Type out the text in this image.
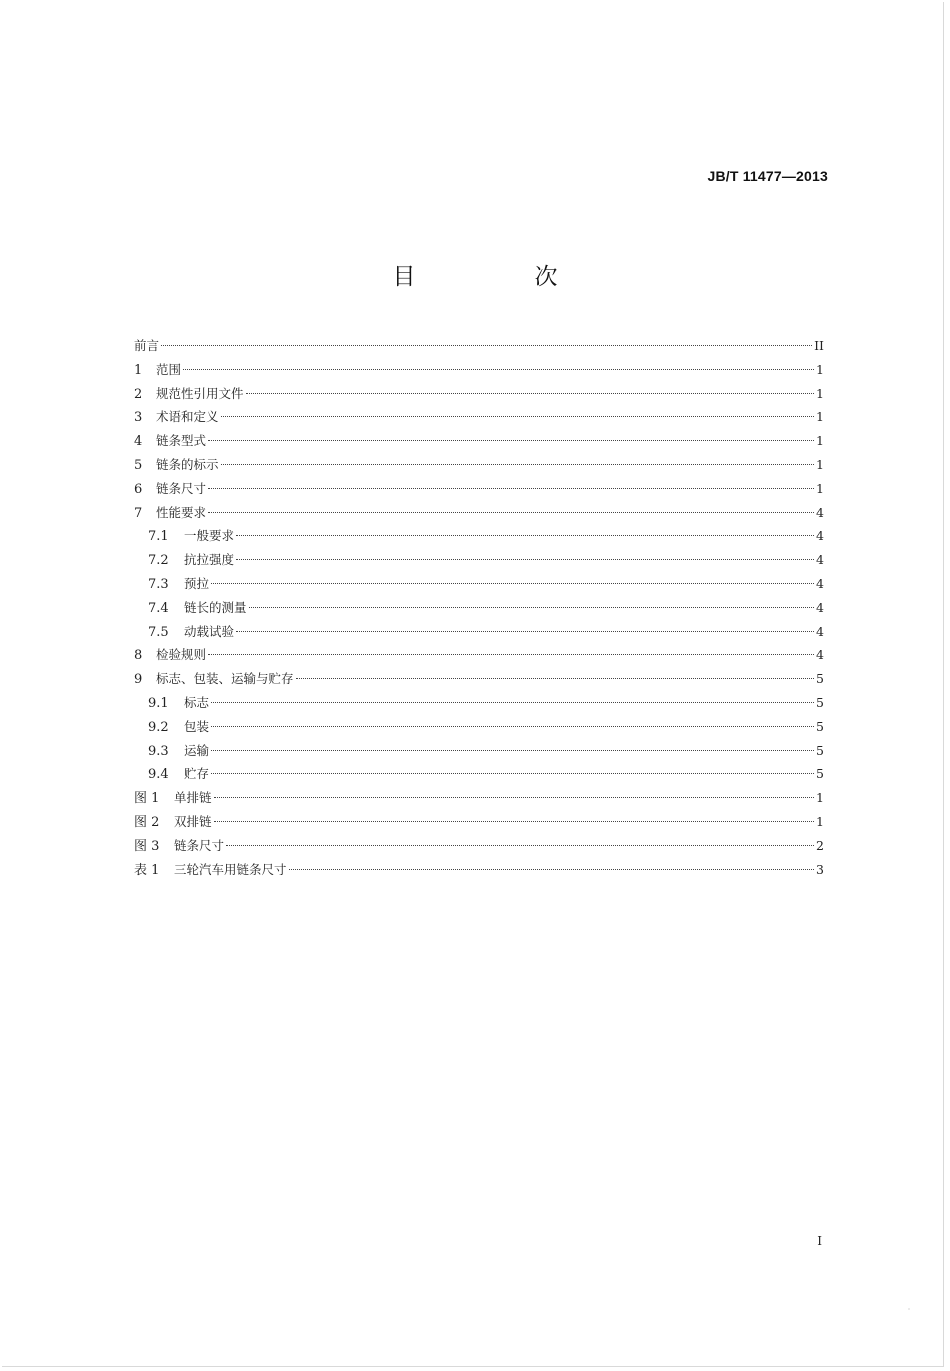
JB/T 11477—2013
目　次
前言	II
1	范围	1
2	规范性引用文件	1
3	术语和定义	1
4	链条型式	1
5	链条的标示	1
6	链条尺寸	1
7	性能要求	4
7.1	一般要求	4
7.2	抗拉强度	4
7.3	预拉	4
7.4	链长的测量	4
7.5	动载试验	4
8	检验规则	4
9	标志、包装、运输与贮存	5
9.1	标志	5
9.2	包装	5
9.3	运输	5
9.4	贮存	5
图 1	单排链	1
图 2	双排链	1
图 3	链条尺寸	2
表 1	三轮汽车用链条尺寸	3
I
